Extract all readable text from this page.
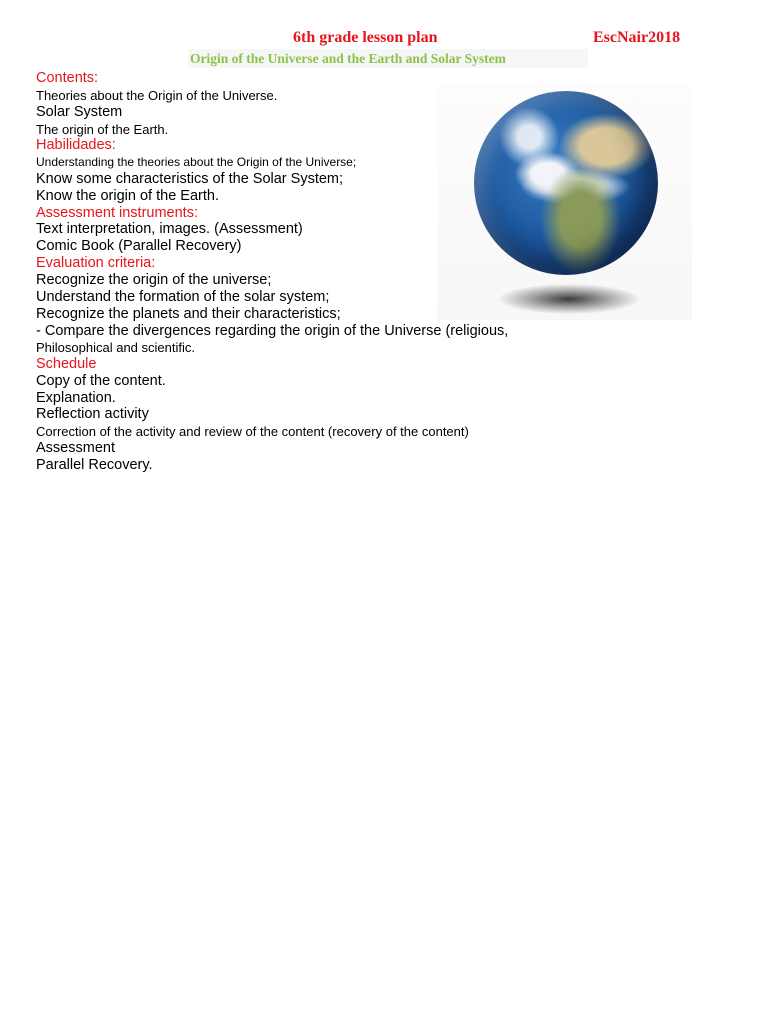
6th grade lesson plan	EscNair2018
Origin of the Universe and the Earth and Solar System
Contents:
Theories about the Origin of the Universe.
Solar System
The origin of the Earth.
Habilidades:
Understanding the theories about the Origin of the Universe;
Know some characteristics of the Solar System;
Know the origin of the Earth.
Assessment instruments:
Text interpretation, images. (Assessment)
Comic Book (Parallel Recovery)
Evaluation criteria:
Recognize the origin of the universe;
Understand the formation of the solar system;
Recognize the planets and their characteristics;
- Compare the divergences regarding the origin of the Universe (religious,
Philosophical and scientific.
Schedule
Copy of the content.
Explanation.
Reflection activity
Correction of the activity and review of the content (recovery of the content)
Assessment
Parallel Recovery.
